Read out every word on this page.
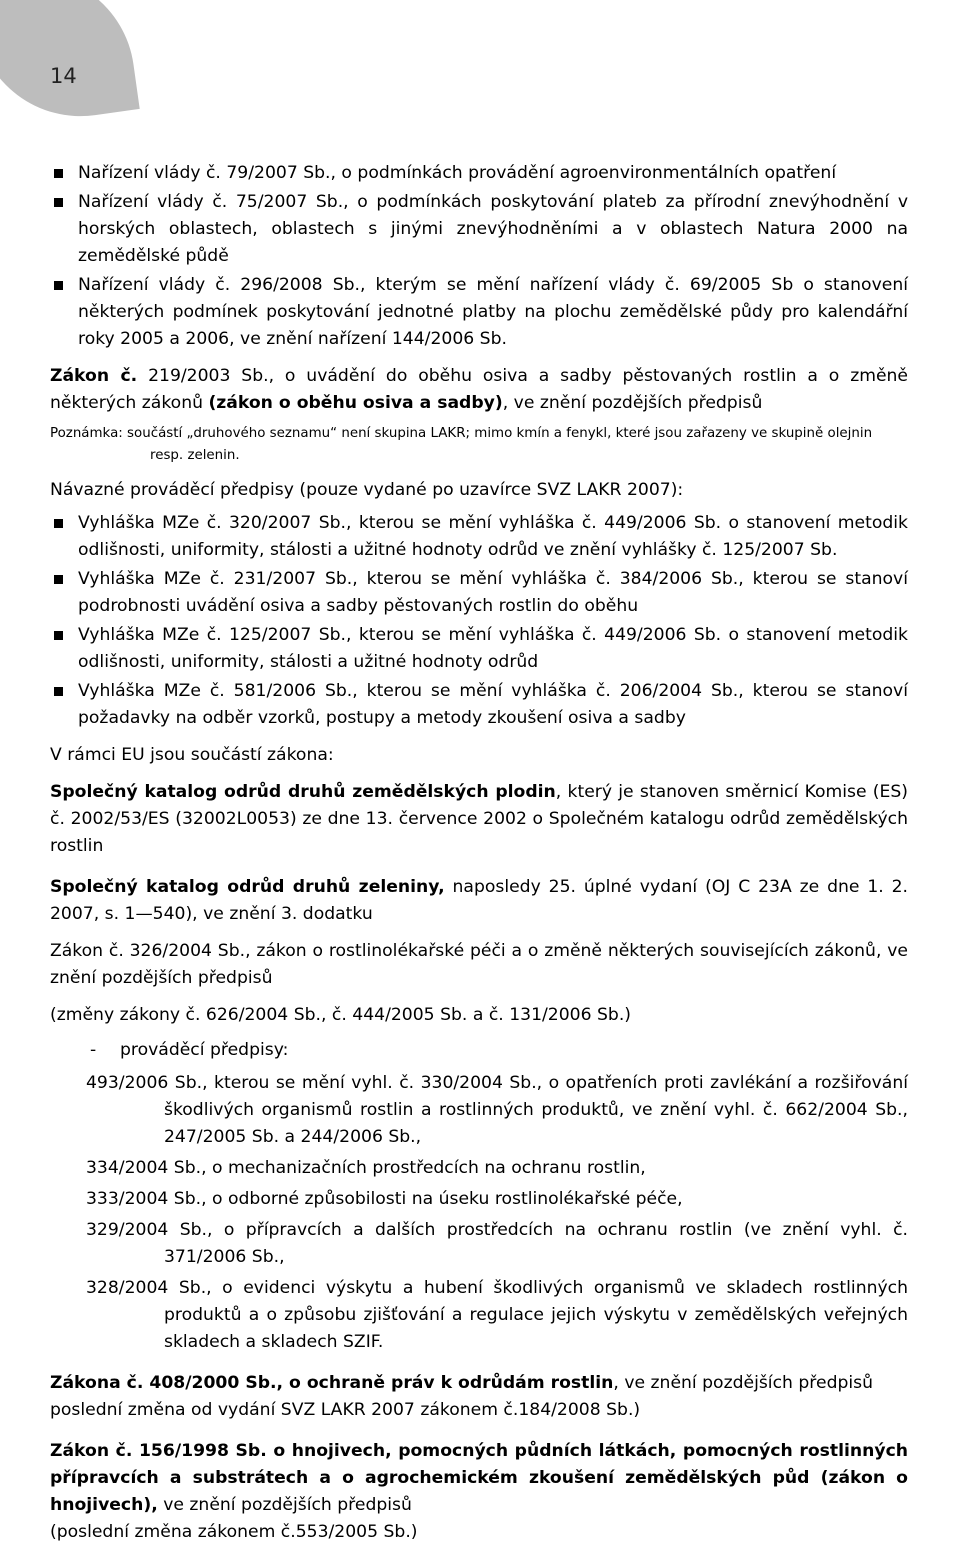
14
Nařízení vlády č. 79/2007 Sb., o podmínkách provádění agroenvironmentálních opatření
Nařízení vlády č. 75/2007 Sb., o podmínkách poskytování plateb za přírodní znevýhodnění v horských oblastech, oblastech s jinými znevýhodněními a v oblastech Natura 2000 na zemědělské půdě
Nařízení vlády č. 296/2008 Sb., kterým se mění nařízení vlády č. 69/2005 Sb o stanovení některých podmínek poskytování jednotné platby na plochu zemědělské půdy pro kalendářní roky 2005 a 2006, ve znění nařízení 144/2006 Sb.

Zákon č. 219/2003 Sb., o uvádění do oběhu osiva a sadby pěstovaných rostlin a o změně některých zákonů (zákon o oběhu osiva a sadby), ve znění pozdějších předpisů

Poznámka: součástí „druhového seznamu“ není skupina LAKR; mimo kmín a fenykl, které jsou zařazeny ve skupině olejnin
resp. zelenin.

Návazné prováděcí předpisy (pouze vydané po uzavírce SVZ LAKR 2007):

Vyhláška MZe č. 320/2007 Sb., kterou se mění vyhláška č. 449/2006 Sb. o stanovení metodik odlišnosti, uniformity, stálosti a užitné hodnoty odrůd ve znění vyhlášky č. 125/2007 Sb.
Vyhláška MZe č. 231/2007 Sb., kterou se mění vyhláška č. 384/2006 Sb., kterou se stanoví podrobnosti uvádění osiva a sadby pěstovaných rostlin do oběhu
Vyhláška MZe č. 125/2007 Sb., kterou se mění vyhláška č. 449/2006 Sb. o stanovení metodik odlišnosti, uniformity, stálosti a užitné hodnoty odrůd
Vyhláška MZe č. 581/2006 Sb., kterou se mění vyhláška č. 206/2004 Sb., kterou se stanoví požadavky na odběr vzorků, postupy a metody zkoušení osiva a sadby

V rámci EU jsou součástí zákona:

Společný katalog odrůd druhů zemědělských plodin, který je stanoven směrnicí Komise (ES) č. 2002/53/ES (32002L0053) ze dne 13. července 2002 o Společném katalogu odrůd zemědělských rostlin

Společný katalog odrůd druhů zeleniny, naposledy 25. úplné vydaní (OJ C 23A ze dne 1. 2. 2007, s. 1—540), ve znění 3. dodatku

Zákon č. 326/2004 Sb., zákon o rostlinolékařské péči a o změně některých souvisejících zákonů, ve znění pozdějších předpisů

(změny zákony č. 626/2004 Sb., č. 444/2005 Sb. a č. 131/2006 Sb.)

- prováděcí předpisy:

493/2006 Sb., kterou se mění vyhl. č. 330/2004 Sb., o opatřeních proti zavlékání a rozšiřování škodlivých organismů rostlin a rostlinných produktů, ve znění vyhl. č. 662/2004 Sb., 247/2005 Sb. a 244/2006 Sb.,

334/2004 Sb., o mechanizačních prostředcích na ochranu rostlin,

333/2004 Sb., o odborné způsobilosti na úseku rostlinolékařské péče,

329/2004 Sb., o přípravcích a dalších prostředcích na ochranu rostlin (ve znění vyhl. č. 371/2006 Sb.,

328/2004 Sb., o evidenci výskytu a hubení škodlivých organismů ve skladech rostlinných produktů a o způsobu zjišťování a regulace jejich výskytu v zemědělských veřejných skladech a skladech SZIF.

Zákona č. 408/2000 Sb., o ochraně práv k odrůdám rostlin, ve znění pozdějších předpisů

poslední změna od vydání SVZ LAKR 2007 zákonem č.184/2008 Sb.)

Zákon č. 156/1998 Sb. o hnojivech, pomocných půdních látkách, pomocných rostlinných přípravcích a substrátech a o agrochemickém zkoušení zemědělských půd (zákon o hnojivech), ve znění pozdějších předpisů

(poslední změna zákonem č.553/2005 Sb.)
